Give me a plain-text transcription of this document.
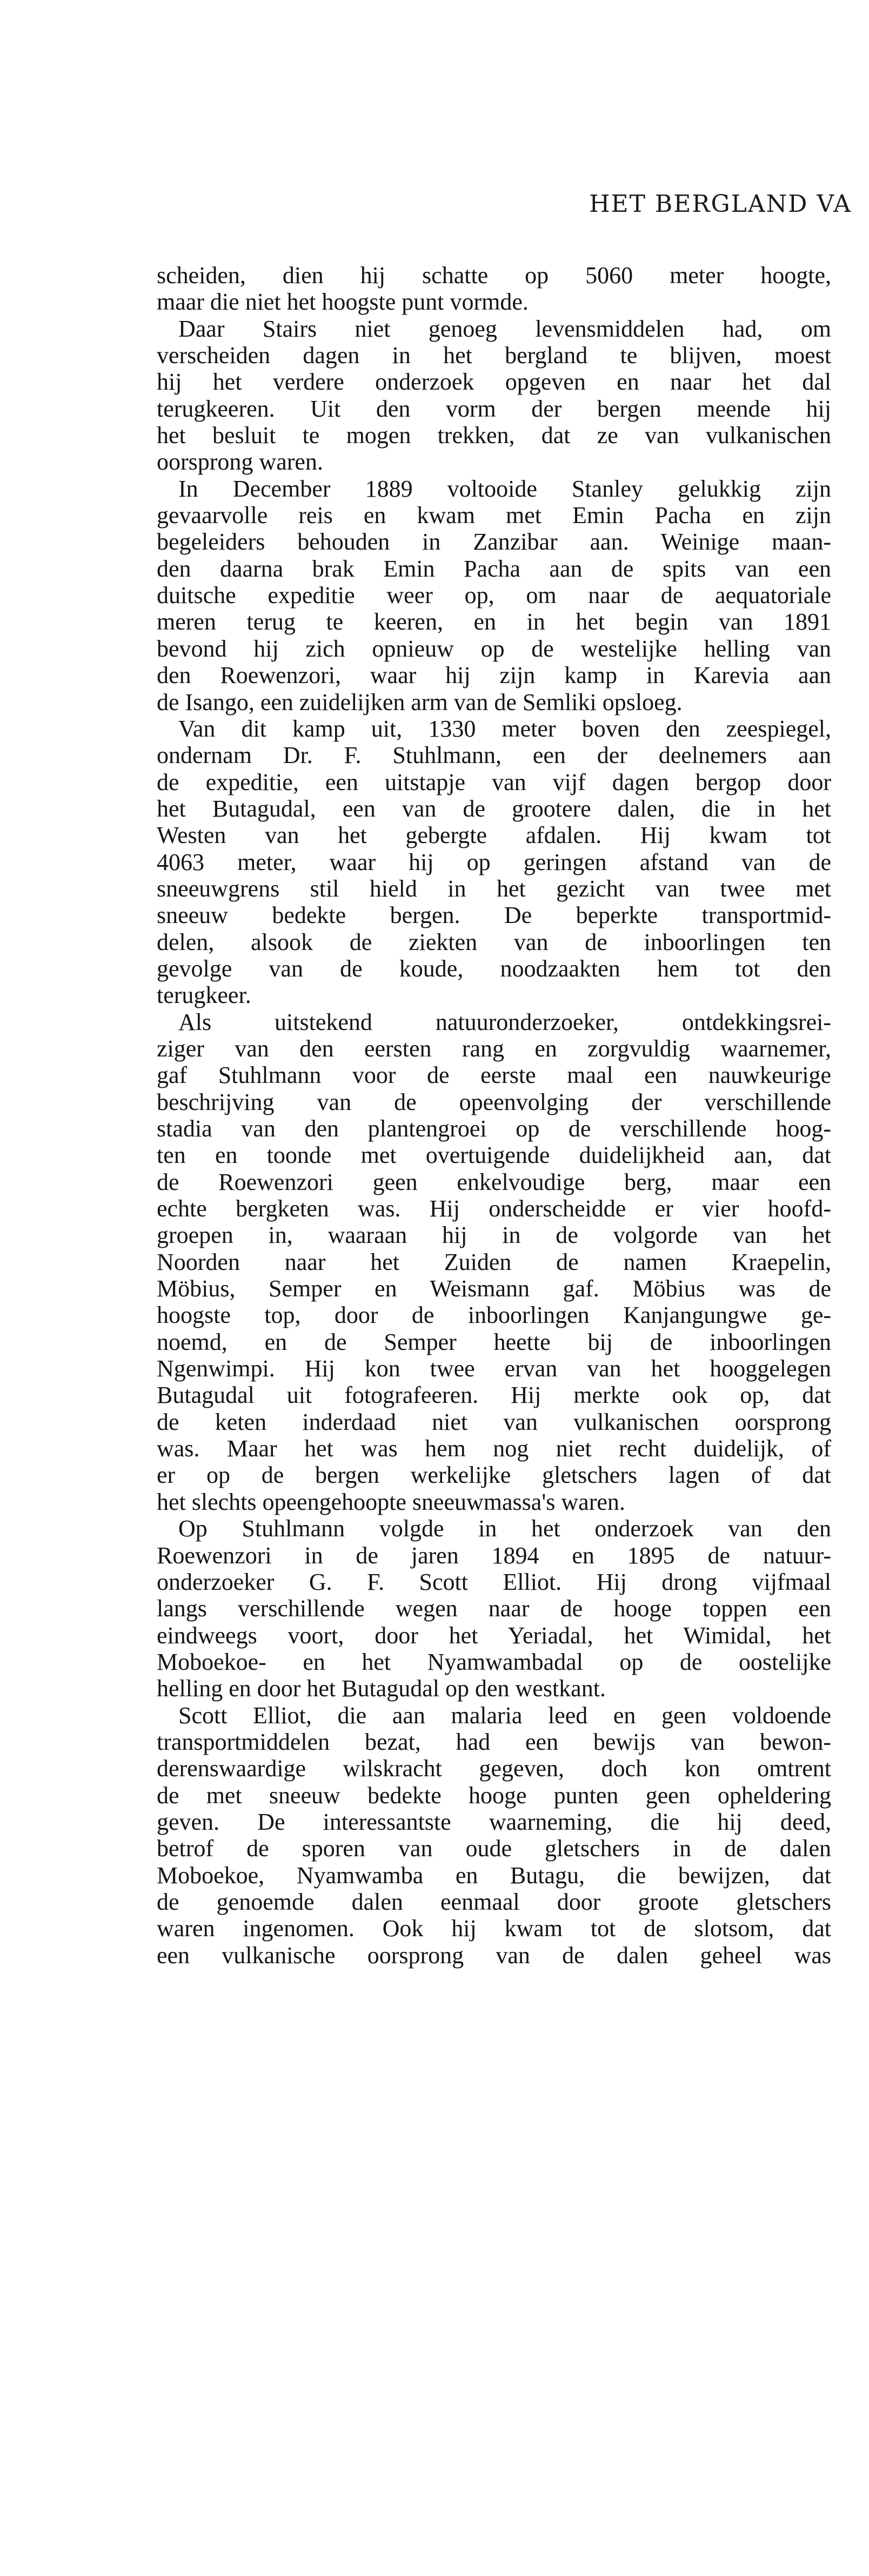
HET BERGLAND VA
scheiden, dien hij schatte op 5060 meter hoogte,
maar die niet het hoogste punt vormde.
Daar Stairs niet genoeg levensmiddelen had, om
verscheiden dagen in het bergland te blijven, moest
hij het verdere onderzoek opgeven en naar het dal
terugkeeren. Uit den vorm der bergen meende hij
het besluit te mogen trekken, dat ze van vulkanischen
oorsprong waren.
In December 1889 voltooide Stanley gelukkig zijn
gevaarvolle reis en kwam met Emin Pacha en zijn
begeleiders behouden in Zanzibar aan. Weinige maan-
den daarna brak Emin Pacha aan de spits van een
duitsche expeditie weer op, om naar de aequatoriale
meren terug te keeren, en in het begin van 1891
bevond hij zich opnieuw op de westelijke helling van
den Roewenzori, waar hij zijn kamp in Karevia aan
de Isango, een zuidelijken arm van de Semliki opsloeg.
Van dit kamp uit, 1330 meter boven den zeespiegel,
ondernam Dr. F. Stuhlmann, een der deelnemers aan
de expeditie, een uitstapje van vijf dagen bergop door
het Butagudal, een van de grootere dalen, die in het
Westen van het gebergte afdalen. Hij kwam tot
4063 meter, waar hij op geringen afstand van de
sneeuwgrens stil hield in het gezicht van twee met
sneeuw bedekte bergen. De beperkte transportmid-
delen, alsook de ziekten van de inboorlingen ten
gevolge van de koude, noodzaakten hem tot den
terugkeer.
Als uitstekend natuuronderzoeker, ontdekkingsrei-
ziger van den eersten rang en zorgvuldig waarnemer,
gaf Stuhlmann voor de eerste maal een nauwkeurige
beschrijving van de opeenvolging der verschillende
stadia van den plantengroei op de verschillende hoog-
ten en toonde met overtuigende duidelijkheid aan, dat
de Roewenzori geen enkelvoudige berg, maar een
echte bergketen was. Hij onderscheidde er vier hoofd-
groepen in, waaraan hij in de volgorde van het
Noorden naar het Zuiden de namen Kraepelin,
Möbius, Semper en Weismann gaf. Möbius was de
hoogste top, door de inboorlingen Kanjangungwe ge-
noemd, en de Semper heette bij de inboorlingen
Ngenwimpi. Hij kon twee ervan van het hooggelegen
Butagudal uit fotografeeren. Hij merkte ook op, dat
de keten inderdaad niet van vulkanischen oorsprong
was. Maar het was hem nog niet recht duidelijk, of
er op de bergen werkelijke gletschers lagen of dat
het slechts opeengehoopte sneeuwmassa's waren.
Op Stuhlmann volgde in het onderzoek van den
Roewenzori in de jaren 1894 en 1895 de natuur-
onderzoeker G. F. Scott Elliot. Hij drong vijfmaal
langs verschillende wegen naar de hooge toppen een
eindweegs voort, door het Yeriadal, het Wimidal, het
Moboekoe- en het Nyamwambadal op de oostelijke
helling en door het Butagudal op den westkant.
Scott Elliot, die aan malaria leed en geen voldoende
transportmiddelen bezat, had een bewijs van bewon-
derenswaardige wilskracht gegeven, doch kon omtrent
de met sneeuw bedekte hooge punten geen opheldering
geven. De interessantste waarneming, die hij deed,
betrof de sporen van oude gletschers in de dalen
Moboekoe, Nyamwamba en Butagu, die bewijzen, dat
de genoemde dalen eenmaal door groote gletschers
waren ingenomen. Ook hij kwam tot de slotsom, dat
een vulkanische oorsprong van de dalen geheel was
